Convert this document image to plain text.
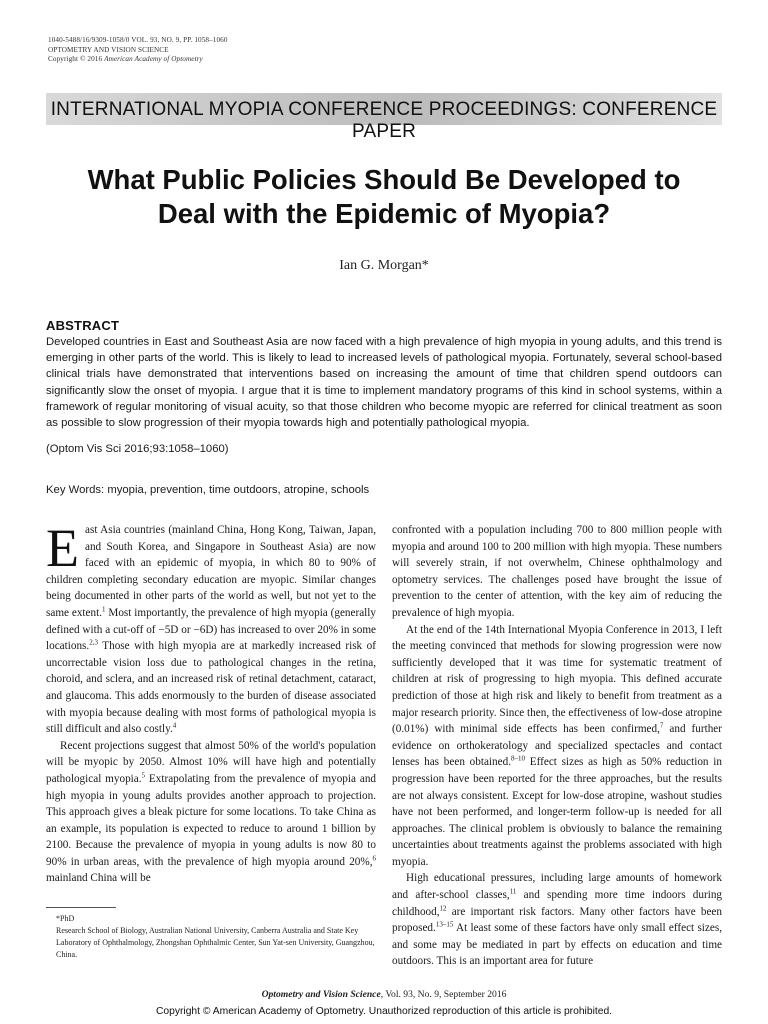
1040-5488/16/9309-1058/0 VOL. 93, NO. 9, PP. 1058–1060
OPTOMETRY AND VISION SCIENCE
Copyright © 2016 American Academy of Optometry
INTERNATIONAL MYOPIA CONFERENCE PROCEEDINGS: CONFERENCE PAPER
What Public Policies Should Be Developed to
Deal with the Epidemic of Myopia?
Ian G. Morgan*
ABSTRACT

Developed countries in East and Southeast Asia are now faced with a high prevalence of high myopia in young adults, and this trend is emerging in other parts of the world. This is likely to lead to increased levels of pathological myopia. Fortunately, several school-based clinical trials have demonstrated that interventions based on increasing the amount of time that children spend outdoors can significantly slow the onset of myopia. I argue that it is time to implement mandatory programs of this kind in school systems, within a framework of regular monitoring of visual acuity, so that those children who become myopic are referred for clinical treatment as soon as possible to slow progression of their myopia towards high and potentially pathological myopia.

(Optom Vis Sci 2016;93:1058–1060)
Key Words: myopia, prevention, time outdoors, atropine, schools

East Asia countries (mainland China, Hong Kong, Taiwan, Japan, and South Korea, and Singapore in Southeast Asia) are now faced with an epidemic of myopia, in which 80 to 90% of children completing secondary education are myopic. Similar changes being documented in other parts of the world as well, but not yet to the same extent.$^1$ Most importantly, the prevalence of high myopia (generally defined with a cut-off of −5D or −6D) has increased to over 20% in some locations.$^{2,3}$ Those with high myopia are at markedly increased risk of uncorrectable vision loss due to pathological changes in the retina, choroid, and sclera, and an increased risk of retinal detachment, cataract, and glaucoma. This adds enormously to the burden of disease associated with myopia because dealing with most forms of pathological myopia is still difficult and also costly.$^4$

Recent projections suggest that almost 50% of the world's population will be myopic by 2050. Almost 10% will have high and potentially pathological myopia.$^5$ Extrapolating from the prevalence of myopia and high myopia in young adults provides another approach to projection. This approach gives a bleak picture for some locations. To take China as an example, its population is expected to reduce to around 1 billion by 2100. Because the prevalence of myopia in young adults is now 80 to 90% in urban areas, with the prevalence of high myopia around 20%,$^6$ mainland China will be

confronted with a population including 700 to 800 million people with myopia and around 100 to 200 million with high myopia. These numbers will severely strain, if not overwhelm, Chinese ophthalmology and optometry services. The challenges posed have brought the issue of prevention to the center of attention, with the key aim of reducing the prevalence of high myopia.

At the end of the 14th International Myopia Conference in 2013, I left the meeting convinced that methods for slowing progression were now sufficiently developed that it was time for systematic treatment of children at risk of progressing to high myopia. This defined accurate prediction of those at high risk and likely to benefit from treatment as a major research priority. Since then, the effectiveness of low-dose atropine (0.01%) with minimal side effects has been confirmed,$^7$ and further evidence on orthokeratology and specialized spectacles and contact lenses has been obtained.$^{8-10}$ Effect sizes as high as 50% reduction in progression have been reported for the three approaches, but the results are not always consistent. Except for low-dose atropine, washout studies have not been performed, and longer-term follow-up is needed for all approaches. The clinical problem is obviously to balance the remaining uncertainties about treatments against the problems associated with high myopia.

High educational pressures, including large amounts of homework and after-school classes,$^{11}$ and spending more time indoors during childhood,$^{12}$ are important risk factors. Many other factors have been proposed.$^{13-15}$ At least some of these factors have only small effect sizes, and some may be mediated in part by effects on education and time outdoors. This is an important area for future

*PhD
Research School of Biology, Australian National University, Canberra Australia and State Key Laboratory of Ophthalmology, Zhongshan Ophthalmic Center, Sun Yat-sen University, Guangzhou, China.
Optometry and Vision Science, Vol. 93, No. 9, September 2016
Copyright © American Academy of Optometry. Unauthorized reproduction of this article is prohibited.
